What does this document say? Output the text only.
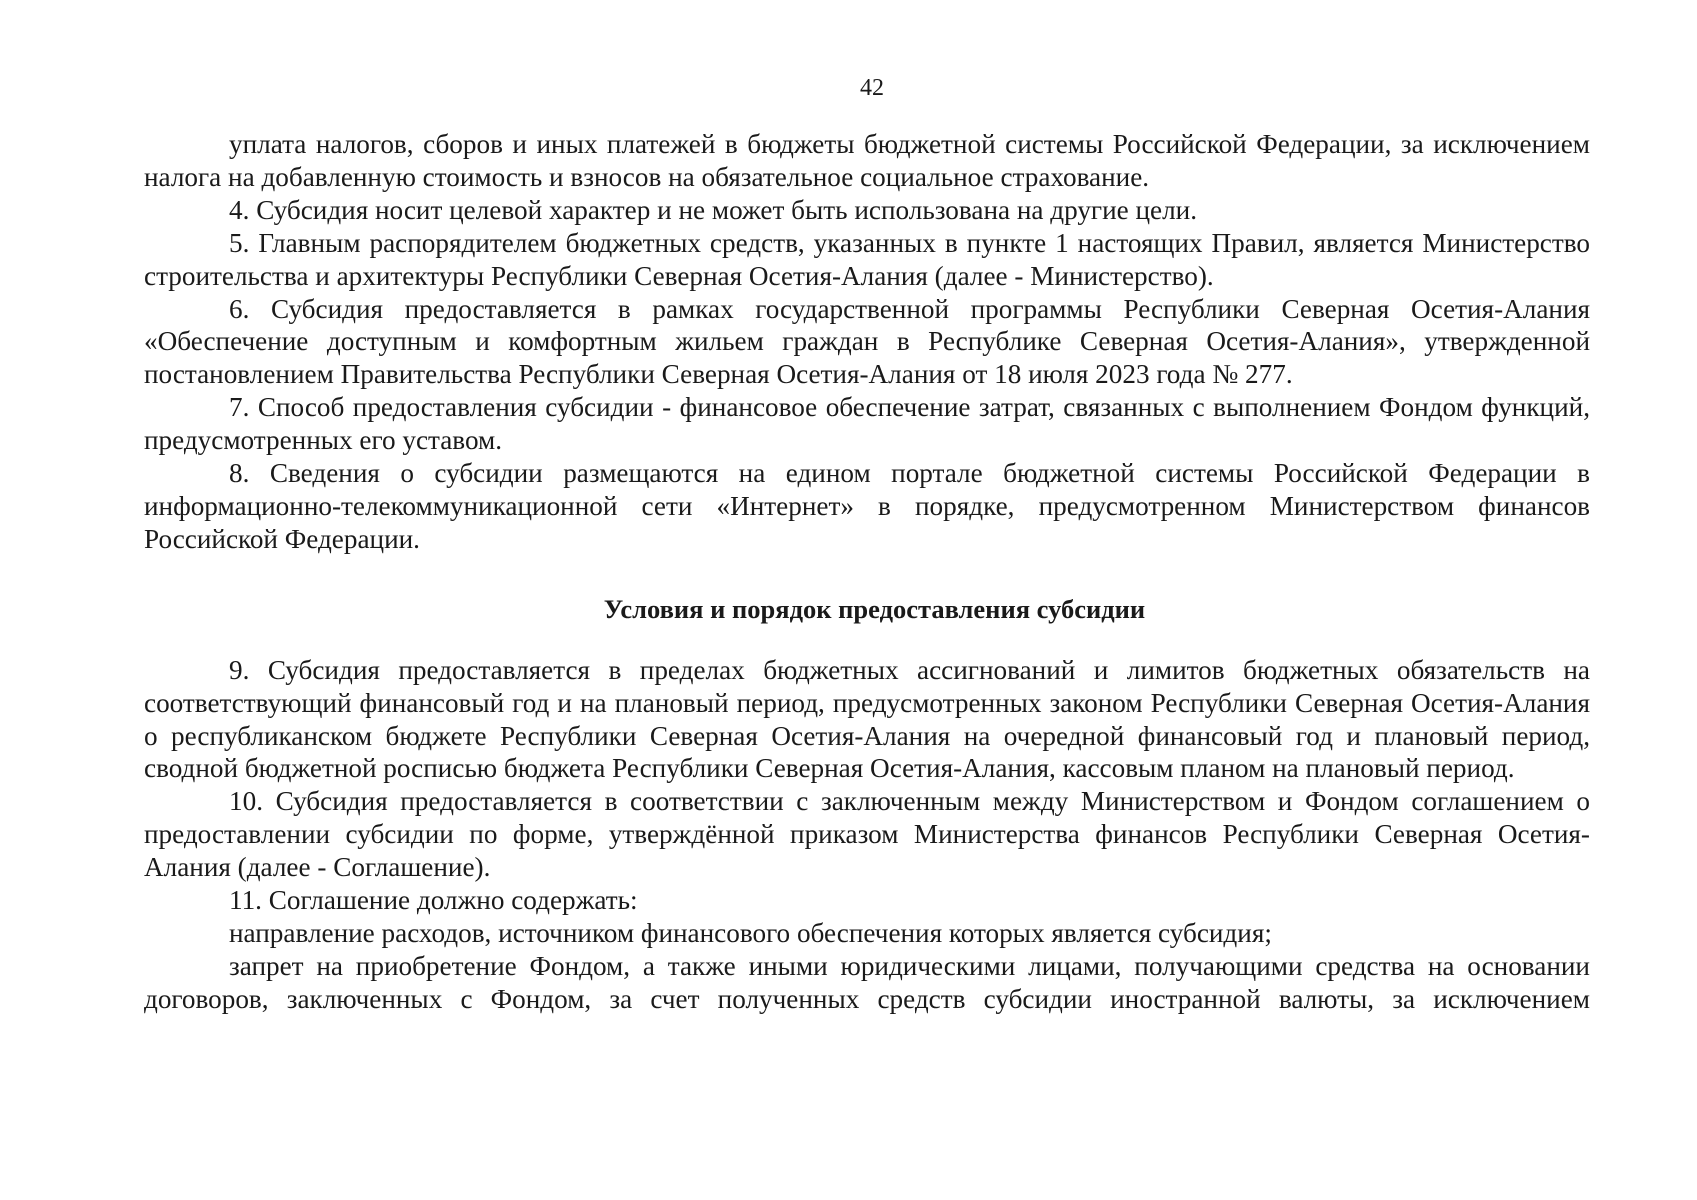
42

уплата налогов, сборов и иных платежей в бюджеты бюджетной системы Российской Федерации, за исключением налога на добавленную стоимость и взносов на обязательное социальное страхование.

4. Субсидия носит целевой характер и не может быть использована на другие цели.

5. Главным распорядителем бюджетных средств, указанных в пункте 1 настоящих Правил, является Министерство строительства и архитектуры Республики Северная Осетия-Алания (далее - Министерство).

6. Субсидия предоставляется в рамках государственной программы Республики Северная Осетия-Алания «Обеспечение доступным и комфортным жильем граждан в Республике Северная Осетия-Алания», утвержденной постановлением Правительства Республики Северная Осетия-Алания от 18 июля 2023 года № 277.

7. Способ предоставления субсидии - финансовое обеспечение затрат, связанных с выполнением Фондом функций, предусмотренных его уставом.

8. Сведения о субсидии размещаются на едином портале бюджетной системы Российской Федерации в информационно-телекоммуникационной сети «Интернет» в порядке, предусмотренном Министерством финансов Российской Федерации.

Условия и порядок предоставления субсидии

9. Субсидия предоставляется в пределах бюджетных ассигнований и лимитов бюджетных обязательств на соответствующий финансовый год и на плановый период, предусмотренных законом Республики Северная Осетия-Алания о республиканском бюджете Республики Северная Осетия-Алания на очередной финансовый год и плановый период, сводной бюджетной росписью бюджета Республики Северная Осетия-Алания, кассовым планом на плановый период.

10. Субсидия предоставляется в соответствии с заключенным между Министерством и Фондом соглашением о предоставлении субсидии по форме, утверждённой приказом Министерства финансов Республики Северная Осетия-Алания (далее - Соглашение).

11. Соглашение должно содержать:

направление расходов, источником финансового обеспечения которых является субсидия;

запрет на приобретение Фондом, а также иными юридическими лицами, получающими средства на основании договоров, заключенных с Фондом, за счет полученных средств субсидии иностранной валюты, за исключением
